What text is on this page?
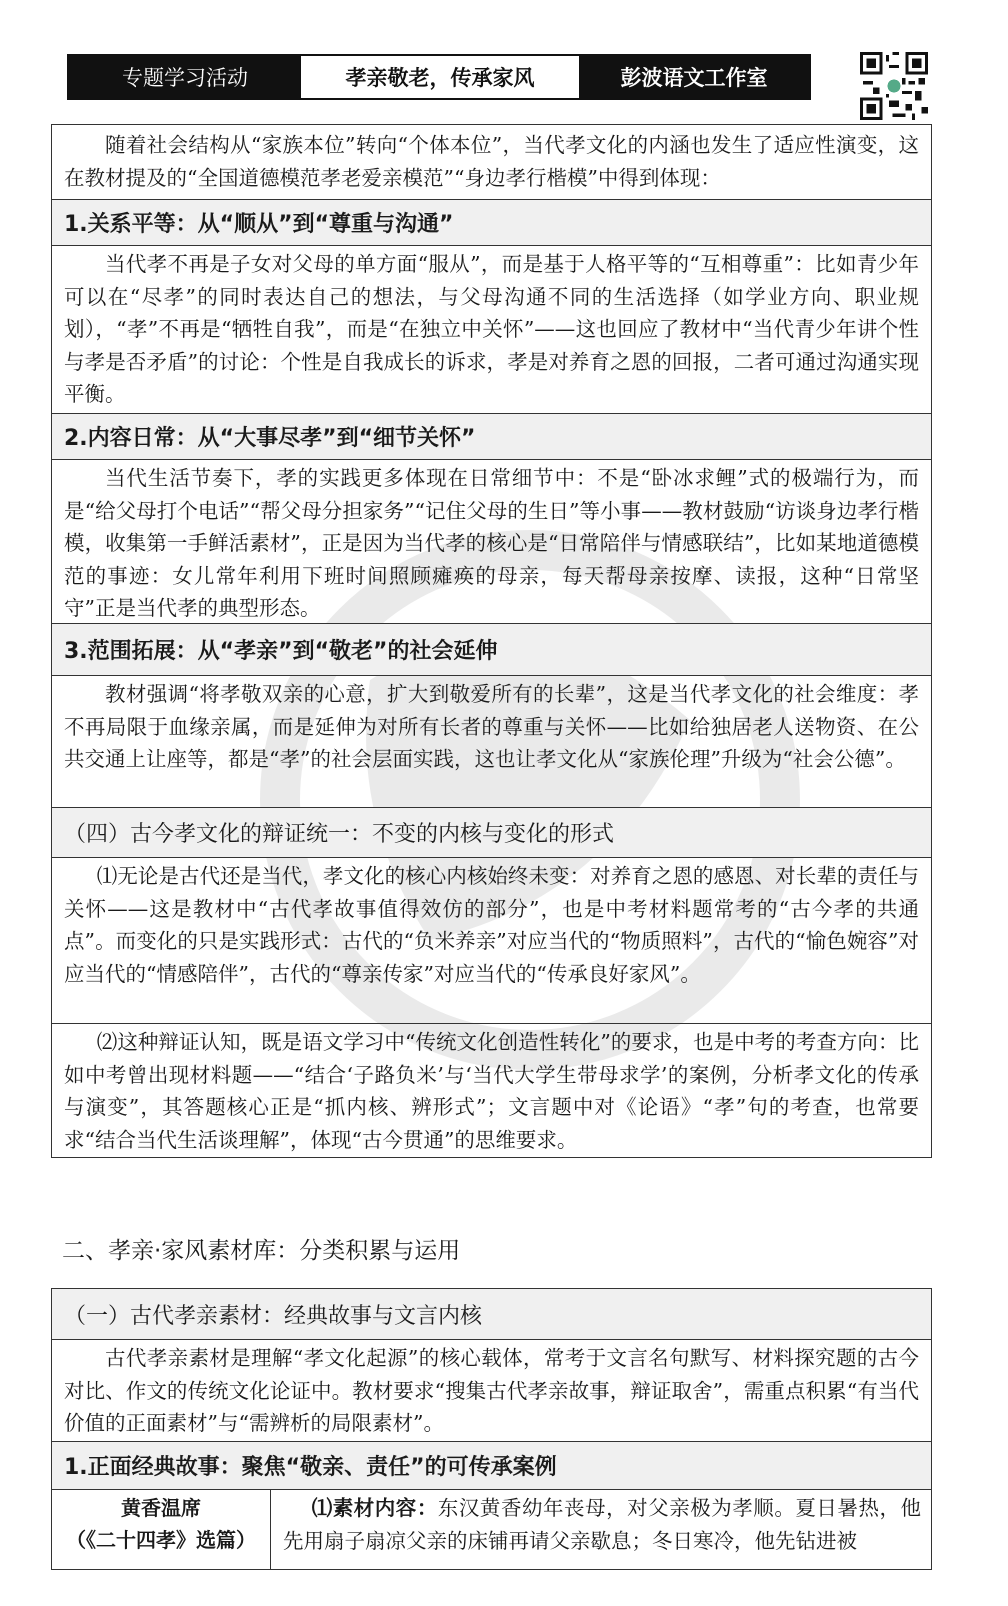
专题学习活动	孝亲敬老，传承家风	彭波语文工作室
随着社会结构从“家族本位”转向“个体本位”，当代孝文化的内涵也发生了适应性演变，这在教材提及的“全国道德模范孝老爱亲模范”“身边孝行楷模”中得到体现：
1.关系平等：从“顺从”到“尊重与沟通”
当代孝不再是子女对父母的单方面“服从”，而是基于人格平等的“互相尊重”：比如青少年可以在“尽孝”的同时表达自己的想法，与父母沟通不同的生活选择（如学业方向、职业规划），“孝”不再是“牺牲自我”，而是“在独立中关怀”——这也回应了教材中“当代青少年讲个性与孝是否矛盾”的讨论：个性是自我成长的诉求，孝是对养育之恩的回报，二者可通过沟通实现平衡。
2.内容日常：从“大事尽孝”到“细节关怀”
当代生活节奏下，孝的实践更多体现在日常细节中：不是“卧冰求鲤”式的极端行为，而是“给父母打个电话”“帮父母分担家务”“记住父母的生日”等小事——教材鼓励“访谈身边孝行楷模，收集第一手鲜活素材”，正是因为当代孝的核心是“日常陪伴与情感联结”，比如某地道德模范的事迹：女儿常年利用下班时间照顾瘫痪的母亲，每天帮母亲按摩、读报，这种“日常坚守”正是当代孝的典型形态。
3.范围拓展：从“孝亲”到“敬老”的社会延伸
教材强调“将孝敬双亲的心意，扩大到敬爱所有的长辈”，这是当代孝文化的社会维度：孝不再局限于血缘亲属，而是延伸为对所有长者的尊重与关怀——比如给独居老人送物资、在公共交通上让座等，都是“孝”的社会层面实践，这也让孝文化从“家族伦理”升级为“社会公德”。
（四）古今孝文化的辩证统一：不变的内核与变化的形式
⑴无论是古代还是当代，孝文化的核心内核始终未变：对养育之恩的感恩、对长辈的责任与关怀——这是教材中“古代孝故事值得效仿的部分”，也是中考材料题常考的“古今孝的共通点”。而变化的只是实践形式：古代的“负米养亲”对应当代的“物质照料”，古代的“愉色婉容”对应当代的“情感陪伴”，古代的“尊亲传家”对应当代的“传承良好家风”。
⑵这种辩证认知，既是语文学习中“传统文化创造性转化”的要求，也是中考的考查方向：比如中考曾出现材料题——“结合‘子路负米’与‘当代大学生带母求学’的案例，分析孝文化的传承与演变”，其答题核心正是“抓内核、辨形式”；文言题中对《论语》“孝”句的考查，也常要求“结合当代生活谈理解”，体现“古今贯通”的思维要求。
二、孝亲·家风素材库：分类积累与运用
（一）古代孝亲素材：经典故事与文言内核
古代孝亲素材是理解“孝文化起源”的核心载体，常考于文言名句默写、材料探究题的古今对比、作文的传统文化论证中。教材要求“搜集古代孝亲故事，辩证取舍”，需重点积累“有当代价值的正面素材”与“需辨析的局限素材”。
1.正面经典故事：聚焦“敬亲、责任”的可传承案例
黄香温席
（《二十四孝》选篇）
⑴素材内容：东汉黄香幼年丧母，对父亲极为孝顺。夏日暑热，他先用扇子扇凉父亲的床铺再请父亲歇息；冬日寒冷，他先钻进被
